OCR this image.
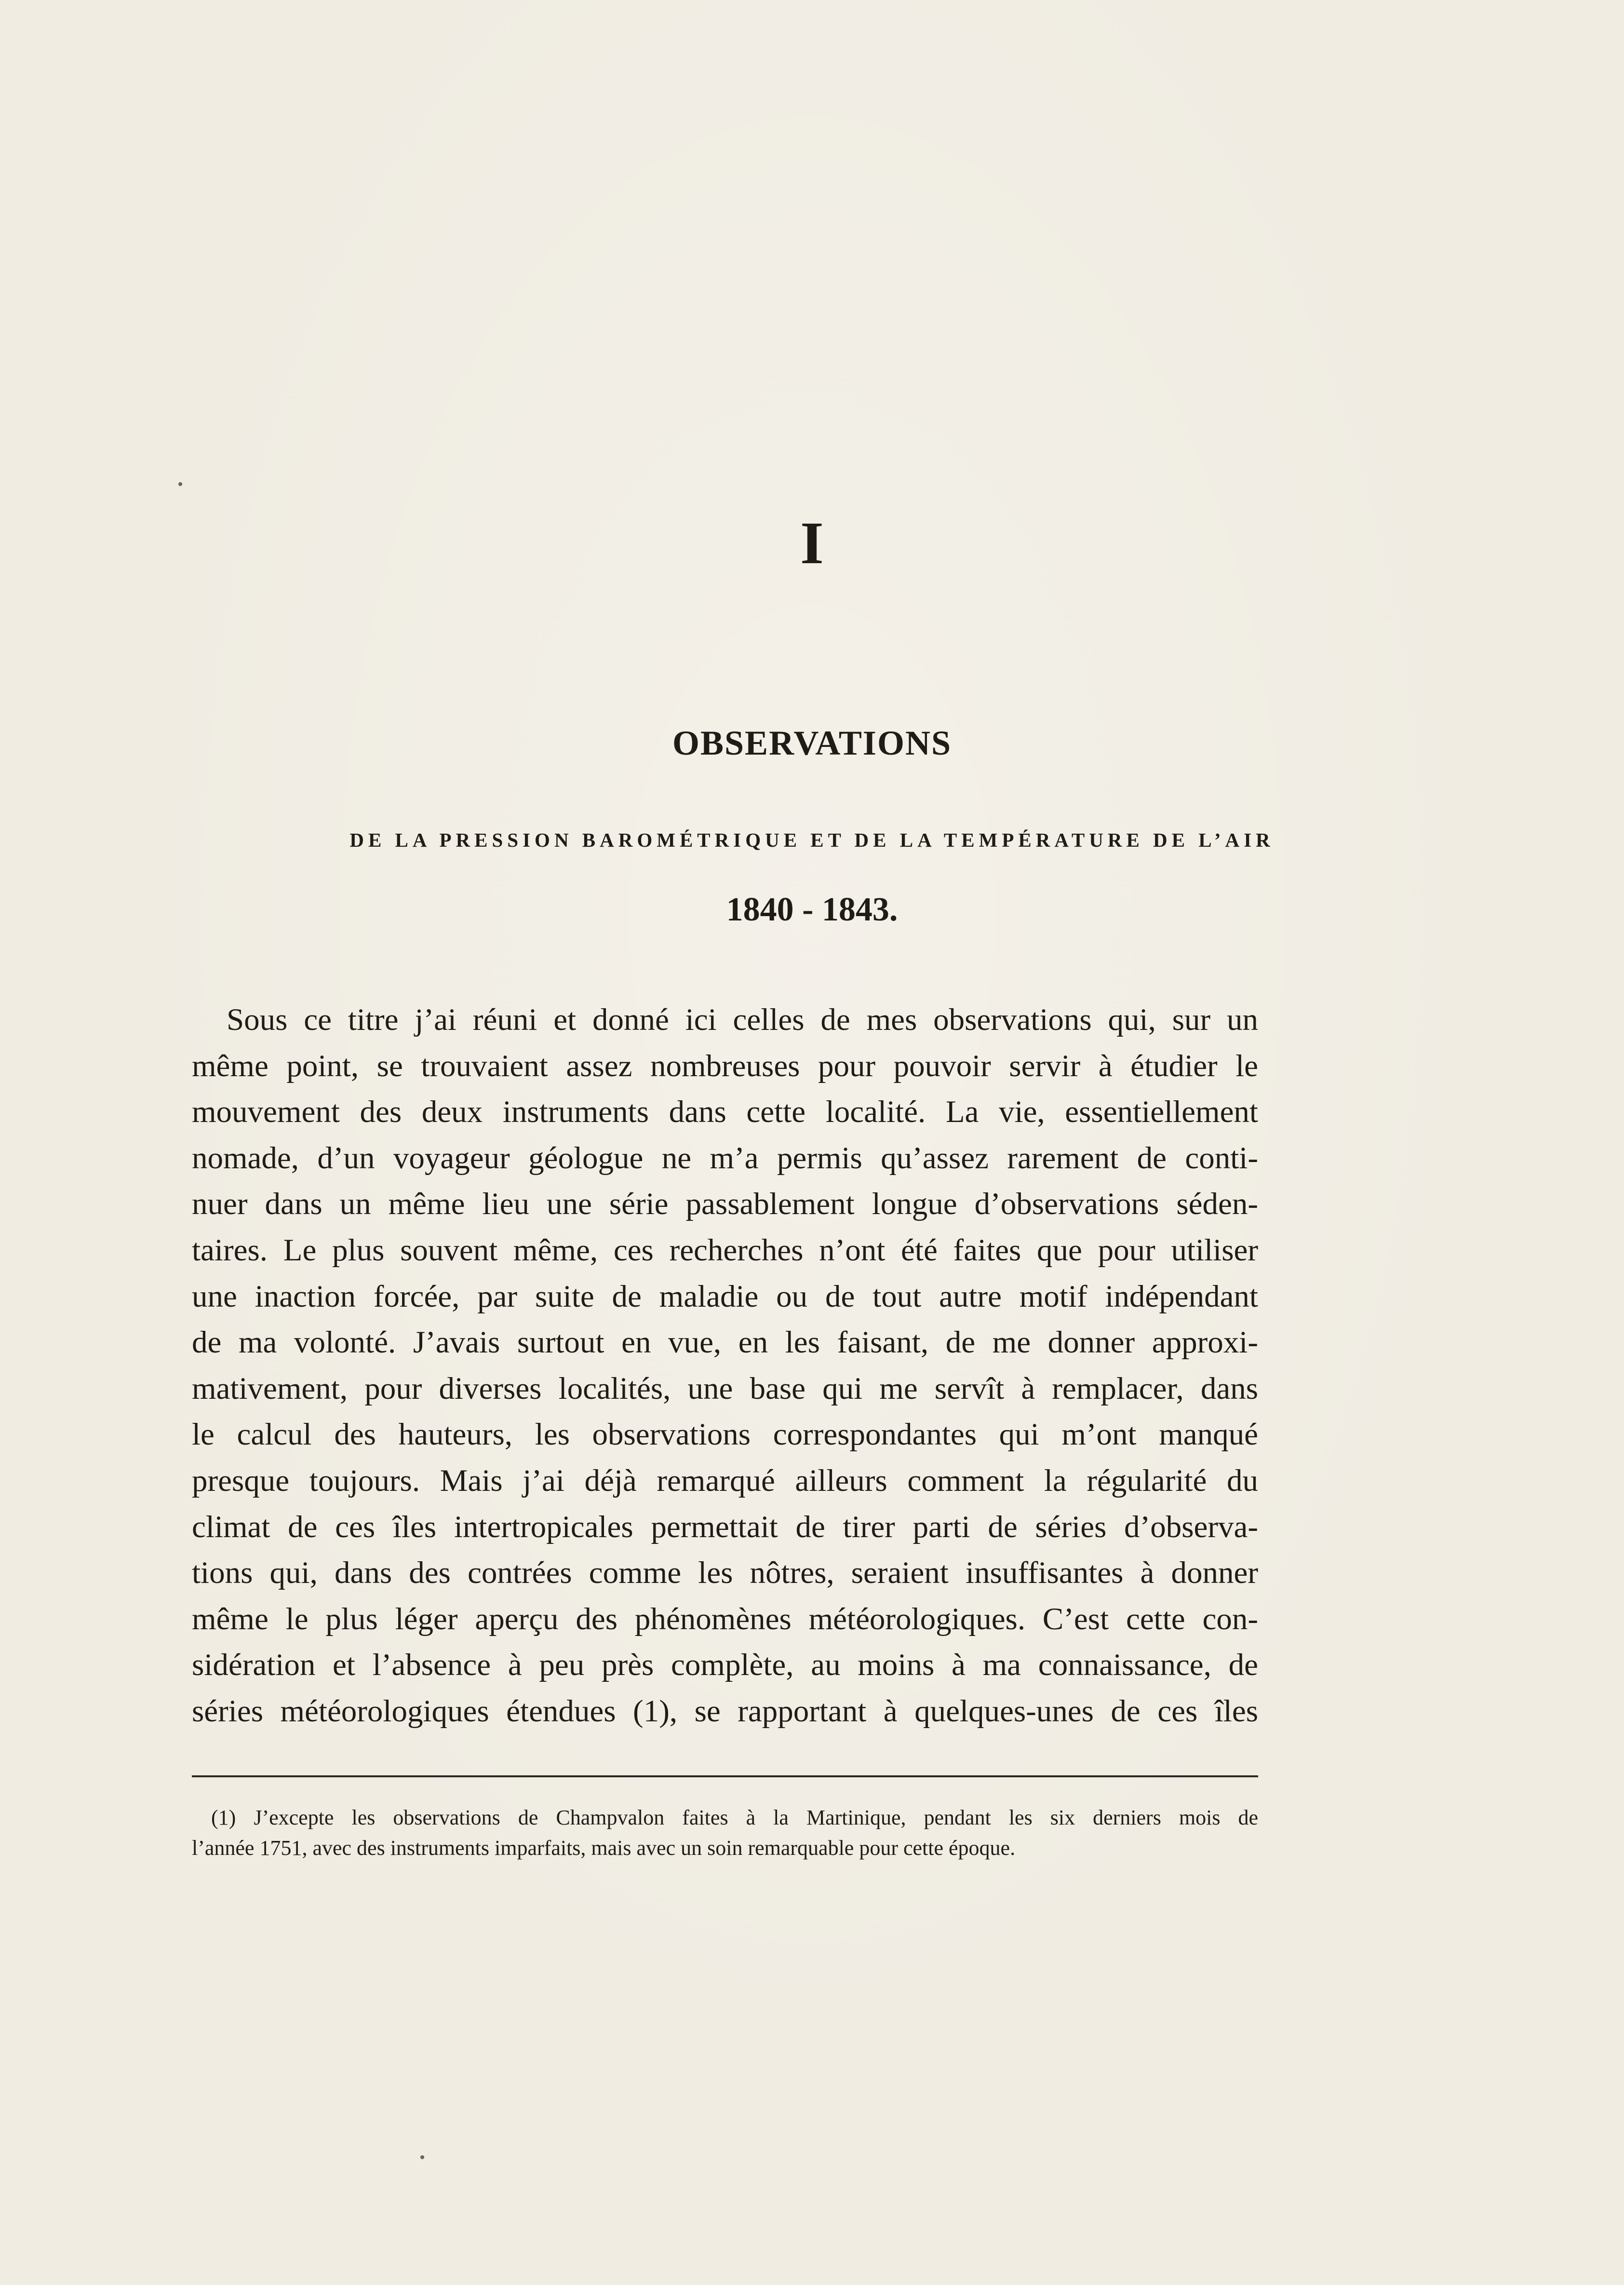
I
OBSERVATIONS
DE LA PRESSION BAROMÉTRIQUE ET DE LA TEMPÉRATURE DE L’AIR
1840 - 1843.
Sous ce titre j’ai réuni et donné ici celles de mes observations qui, sur un
même point, se trouvaient assez nombreuses pour pouvoir servir à étudier le
mouvement des deux instruments dans cette localité. La vie, essentiellement
nomade, d’un voyageur géologue ne m’a permis qu’assez rarement de conti-
nuer dans un même lieu une série passablement longue d’observations séden-
taires. Le plus souvent même, ces recherches n’ont été faites que pour utiliser
une inaction forcée, par suite de maladie ou de tout autre motif indépendant
de ma volonté. J’avais surtout en vue, en les faisant, de me donner approxi-
mativement, pour diverses localités, une base qui me servît à remplacer, dans
le calcul des hauteurs, les observations correspondantes qui m’ont manqué
presque toujours. Mais j’ai déjà remarqué ailleurs comment la régularité du
climat de ces îles intertropicales permettait de tirer parti de séries d’observa-
tions qui, dans des contrées comme les nôtres, seraient insuffisantes à donner
même le plus léger aperçu des phénomènes météorologiques. C’est cette con-
sidération et l’absence à peu près complète, au moins à ma connaissance, de
séries météorologiques étendues (1), se rapportant à quelques-unes de ces îles
(1) J’excepte les observations de Champvalon faites à la Martinique, pendant les six derniers mois de
l’année 1751, avec des instruments imparfaits, mais avec un soin remarquable pour cette époque.
